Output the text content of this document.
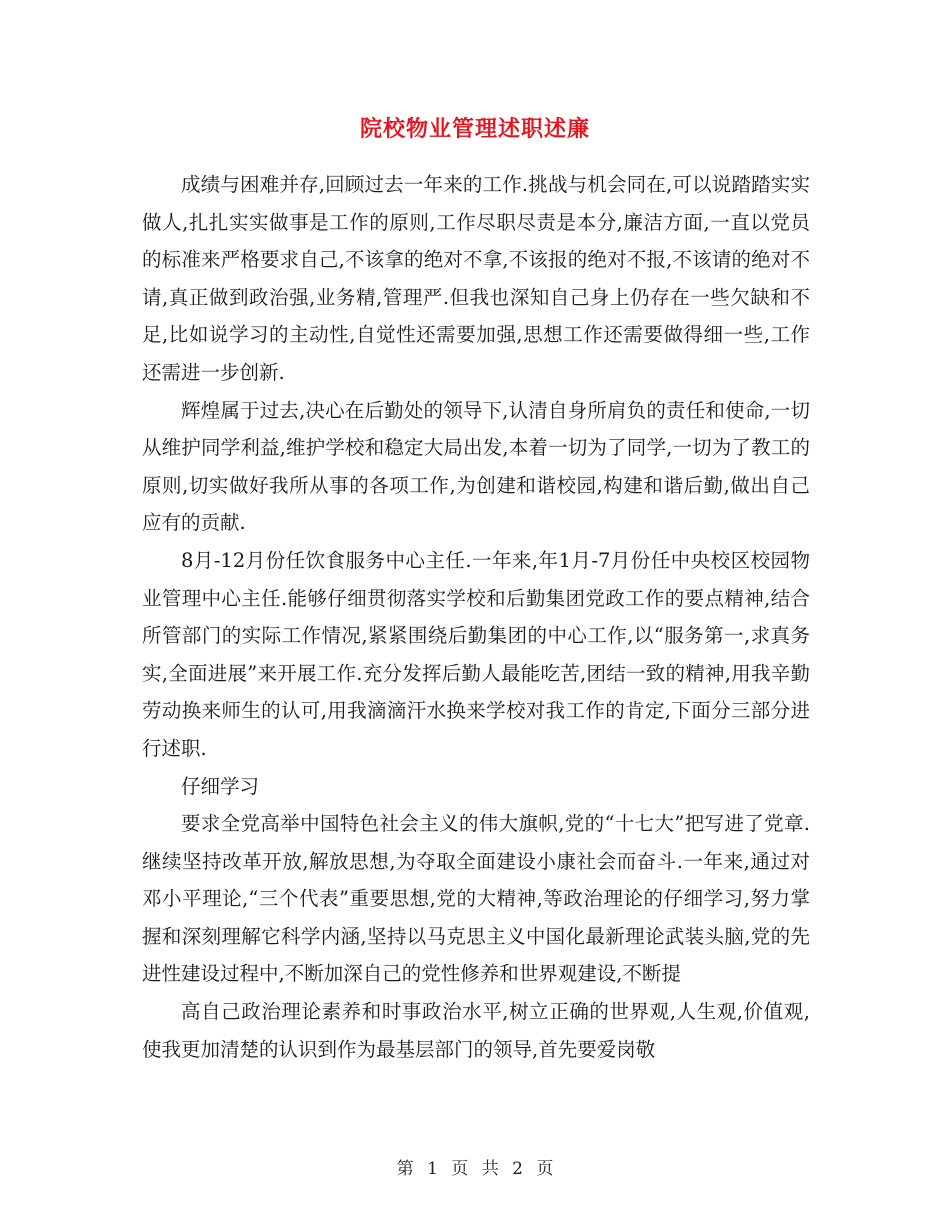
院校物业管理述职述廉

成绩与困难并存,回顾过去一年来的工作.挑战与机会同在,可以说踏踏实实做人,扎扎实实做事是工作的原则,工作尽职尽责是本分,廉洁方面,一直以党员的标准来严格要求自己,不该拿的绝对不拿,不该报的绝对不报,不该请的绝对不请,真正做到政治强,业务精,管理严.但我也深知自己身上仍存在一些欠缺和不足,比如说学习的主动性,自觉性还需要加强,思想工作还需要做得细一些,工作还需进一步创新.

辉煌属于过去,决心在后勤处的领导下,认清自身所肩负的责任和使命,一切从维护同学利益,维护学校和稳定大局出发,本着一切为了同学,一切为了教工的原则,切实做好我所从事的各项工作,为创建和谐校园,构建和谐后勤,做出自己应有的贡献.

8月-12月份任饮食服务中心主任.一年来,年1月-7月份任中央校区校园物业管理中心主任.能够仔细贯彻落实学校和后勤集团党政工作的要点精神,结合所管部门的实际工作情况,紧紧围绕后勤集团的中心工作,以“服务第一,求真务实,全面进展”来开展工作.充分发挥后勤人最能吃苦,团结一致的精神,用我辛勤劳动换来师生的认可,用我滴滴汗水换来学校对我工作的肯定,下面分三部分进行述职.

仔细学习

要求全党高举中国特色社会主义的伟大旗帜,党的“十七大”把写进了党章.继续坚持改革开放,解放思想,为夺取全面建设小康社会而奋斗.一年来,通过对邓小平理论,“三个代表”重要思想,党的大精神,等政治理论的仔细学习,努力掌握和深刻理解它科学内涵,坚持以马克思主义中国化最新理论武装头脑,党的先进性建设过程中,不断加深自己的党性修养和世界观建设,不断提

高自己政治理论素养和时事政治水平,树立正确的世界观,人生观,价值观,使我更加清楚的认识到作为最基层部门的领导,首先要爱岗敬

第 1 页 共 2 页
